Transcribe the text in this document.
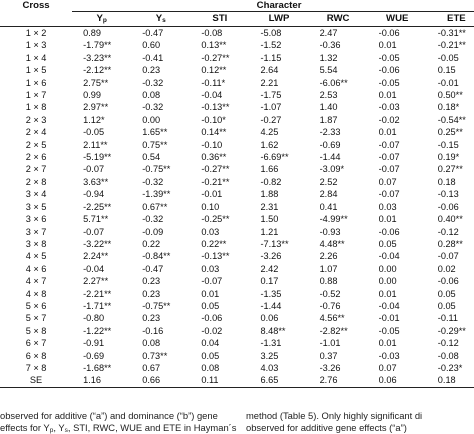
Cross	Character						
	$Y_p$	$Y_s$	STI	LWP	RWC	WUE	ETE
1 × 2	0.89	-0.47	-0.08	-5.08	2.47	-0.06	-0.31**
1 × 3	-1.79**	0.60	0.13**	-1.52	-0.36	0.01	-0.21**
1 × 4	-3.23**	-0.41	-0.27**	-1.15	1.32	-0.05	-0.05
1 × 5	-2.12**	0.23	0.12**	2.64	5.54	-0.06	0.15
1 × 6	2.75**	-0.32	-0.11*	2.21	-6.06**	-0.05	-0.01
1 × 7	0.99	0.08	-0.04	-1.75	2.53	0.01	0.50**
1 × 8	2.97**	-0.32	-0.13**	-1.07	1.40	-0.03	0.18*
2 × 3	1.12*	0.00	-0.10*	-0.27	1.87	-0.02	-0.54**
2 × 4	-0.05	1.65**	0.14**	4.25	-2.33	0.01	0.25**
2 × 5	2.11**	0.75**	-0.10	1.62	-0.69	-0.07	-0.15
2 × 6	-5.19**	0.54	0.36**	-6.69**	-1.44	-0.07	0.19*
2 × 7	-0.07	-0.75**	-0.27**	1.66	-3.09*	-0.07	0.27**
2 × 8	3.63**	-0.32	-0.21**	-0.82	2.52	0.07	0.18
3 × 4	-0.94	-1.39**	-0.01	1.88	2.84	-0.07	-0.13
3 × 5	-2.25**	0.67**	0.10	2.31	0.41	0.03	-0.06
3 × 6	5.71**	-0.32	-0.25**	1.50	-4.99**	0.01	0.40**
3 × 7	-0.07	-0.09	0.03	1.21	-0.93	-0.06	-0.12
3 × 8	-3.22**	0.22	0.22**	-7.13**	4.48**	0.05	0.28**
4 × 5	2.24**	-0.84**	-0.13**	-3.26	2.26	-0.04	-0.07
4 × 6	-0.04	-0.47	0.03	2.42	1.07	0.00	0.02
4 × 7	2.27**	0.23	-0.07	0.17	0.88	0.00	-0.06
4 × 8	-2.21**	0.23	0.01	-1.35	-0.52	0.01	0.05
5 × 6	-1.71**	-0.75**	0.05	-1.44	-0.76	-0.04	0.05
5 × 7	-0.80	0.23	-0.06	0.06	4.56**	-0.01	-0.11
5 × 8	-1.22**	-0.16	-0.02	8.48**	-2.82**	-0.05	-0.29**
6 × 7	-0.91	0.08	0.04	-1.31	-1.01	0.01	-0.12
6 × 8	-0.69	0.73**	0.05	3.25	0.37	-0.03	-0.08
7 × 8	-1.68**	0.67	0.08	4.03	-3.26	0.07	-0.23*
SE	1.16	0.66	0.11	6.65	2.76	0.06	0.18
observed for additive (“a”) and dominance (“b”) gene
effects for $Y_p$, $Y_s$, STI, RWC, WUE and ETE in Hayman´s
method (Table 5). Only highly significant di
observed for additive gene effects (“a”)
